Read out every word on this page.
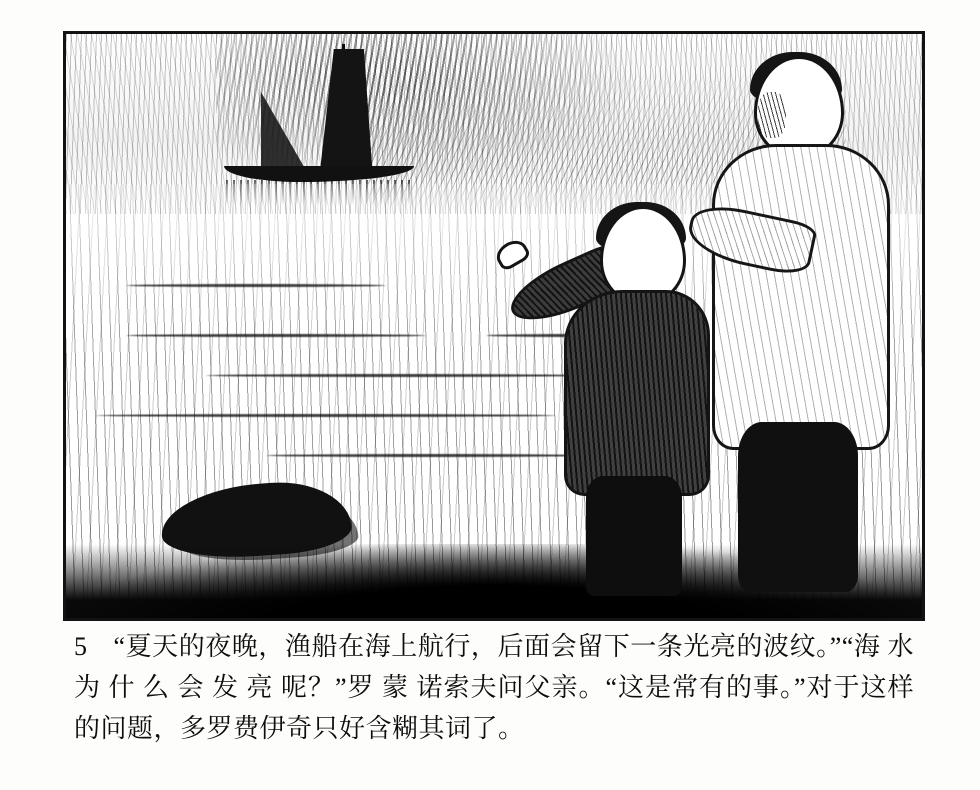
5 “夏天的夜晚，渔船在海上航行，后面会留下一条光亮的波纹。”“海 水 为 什 么 会 发 亮 呢？”罗 蒙 诺索夫问父亲。“这是常有的事。”对于这样的问题，多罗费伊奇只好含糊其词了。
